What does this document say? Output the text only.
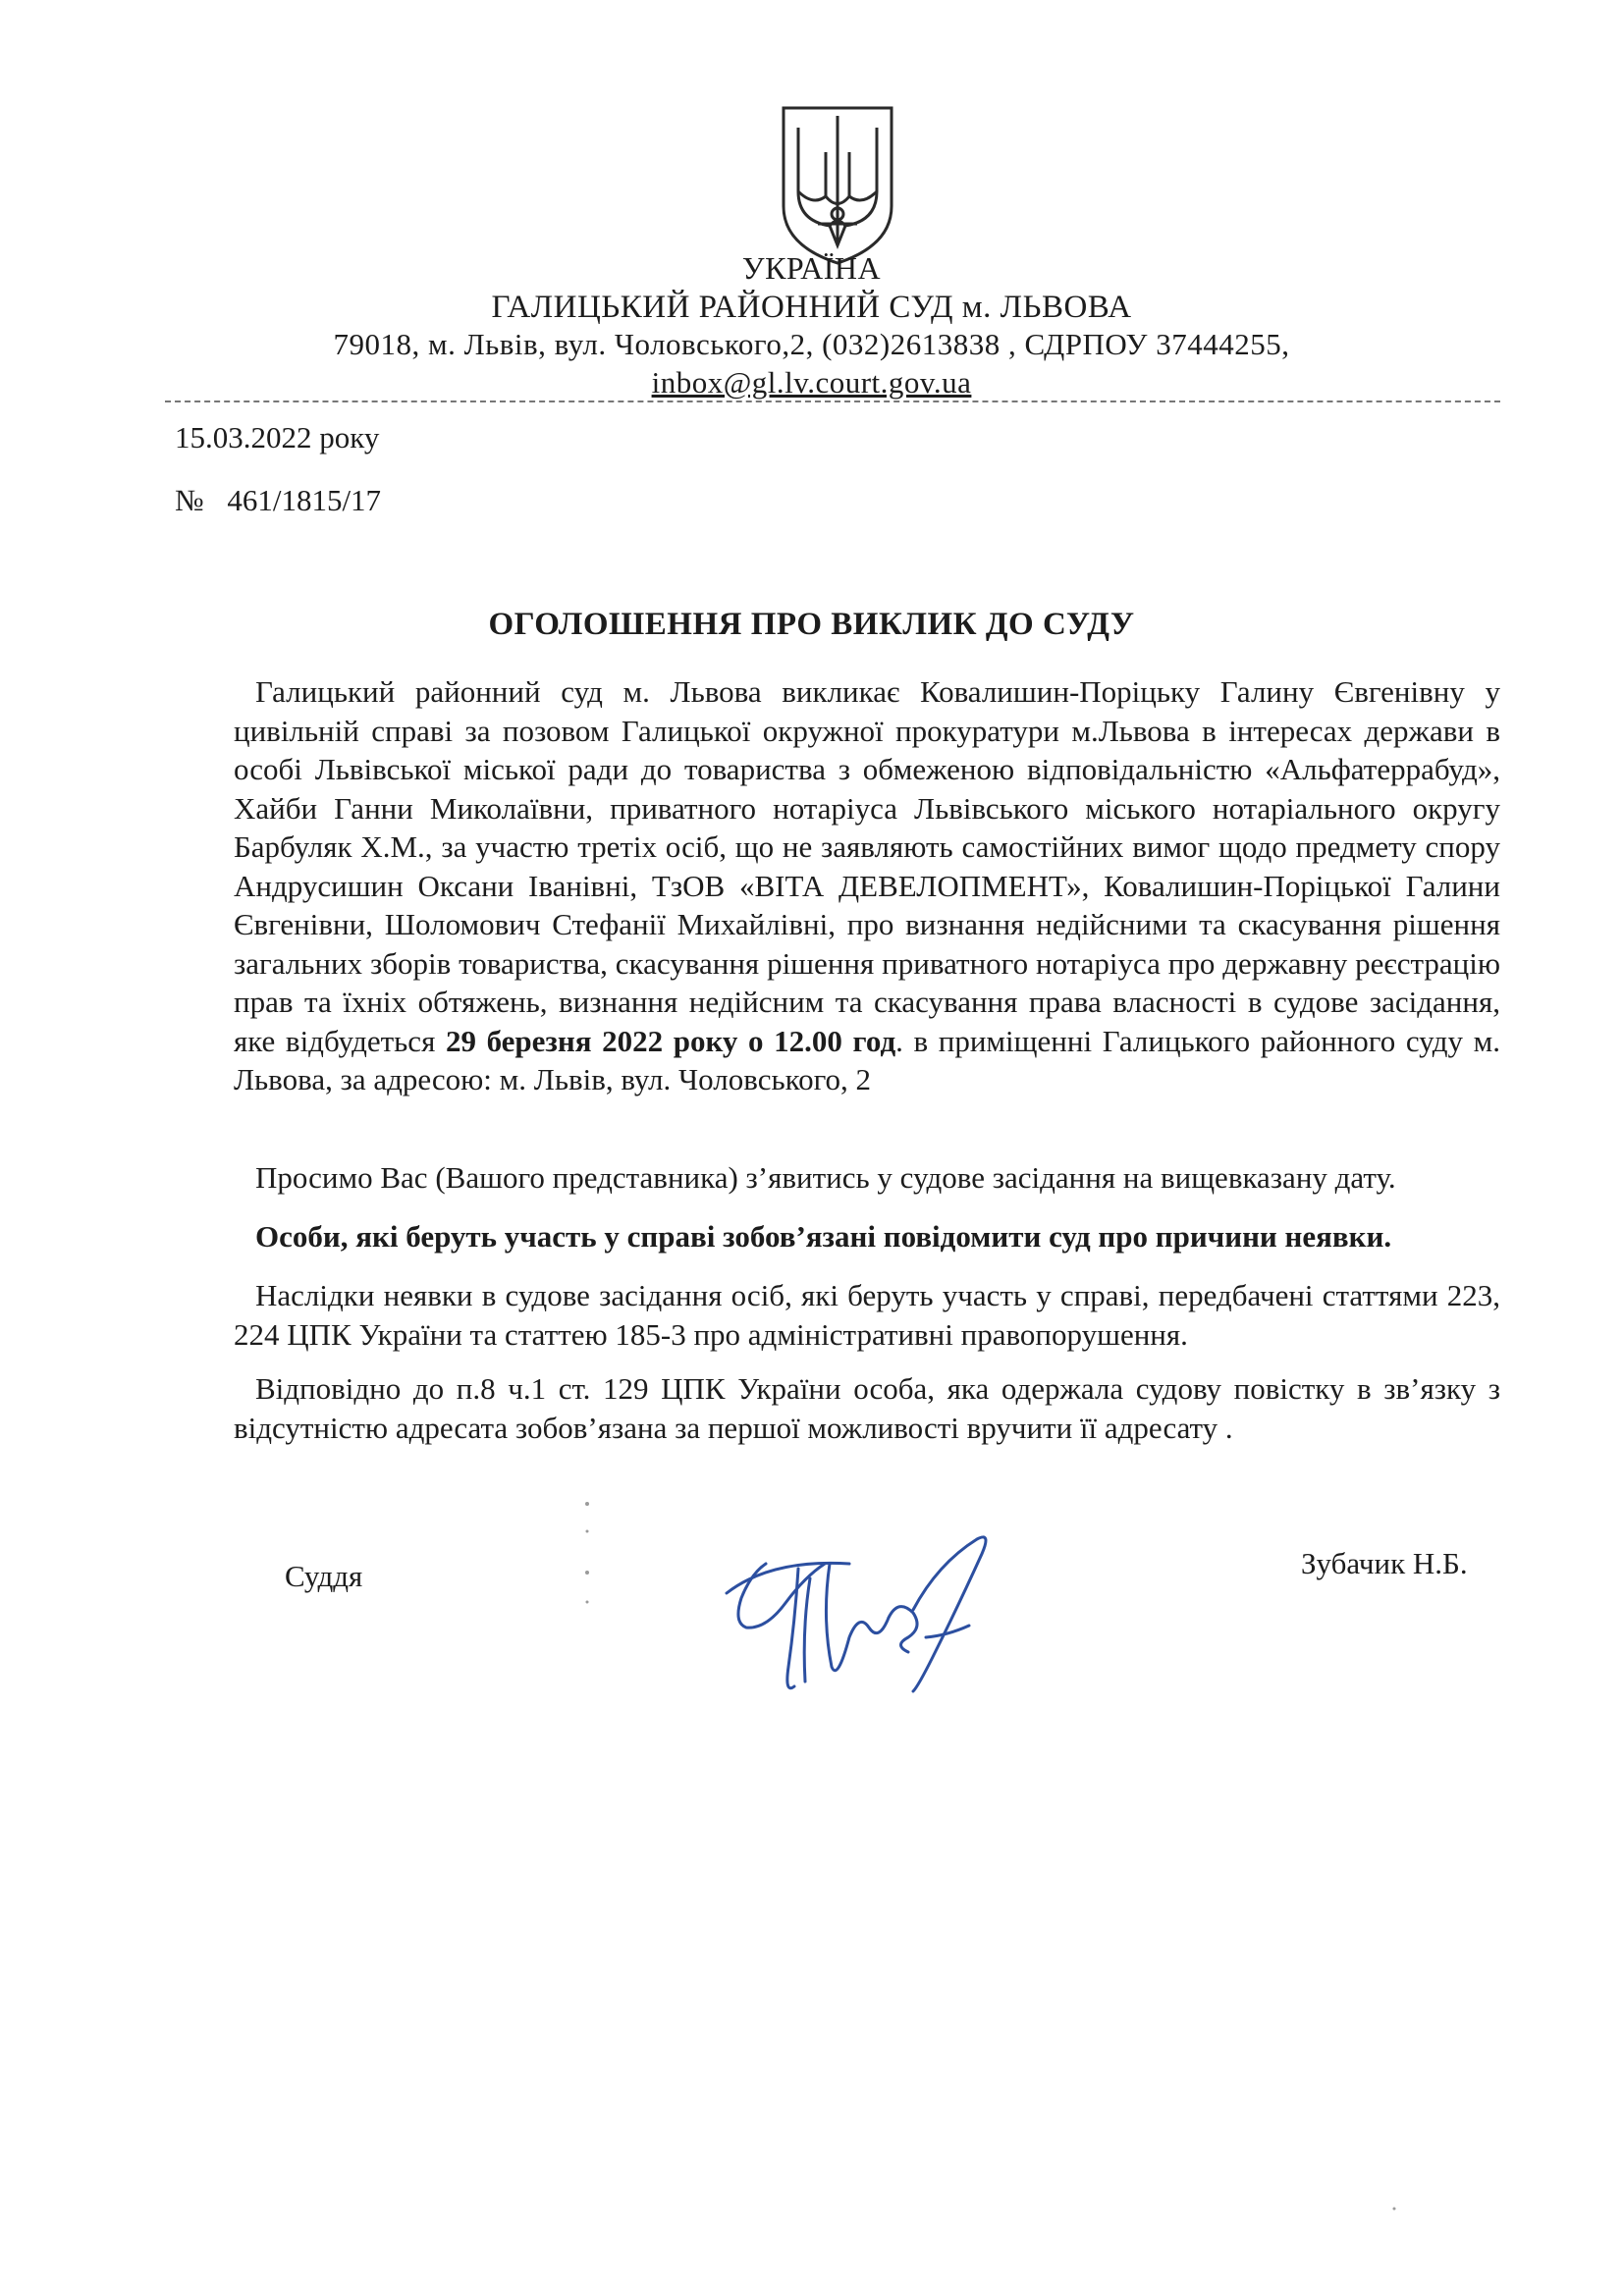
УКРАЇНА
ГАЛИЦЬКИЙ РАЙОННИЙ СУД м. ЛЬВОВА
79018, м. Львів, вул. Чоловського,2, (032)2613838 , СДРПОУ 37444255,
inbox@gl.lv.court.gov.ua
15.03.2022 року
№ 461/1815/17
ОГОЛОШЕННЯ ПРО ВИКЛИК ДО СУДУ
Галицький районний суд м. Львова викликає Ковалишин-Порiцьку Галину Євгенiвну у цивiльнiй справi за позовом Галицької окружної прокуратури м.Львова в iнтересах держави в особi Львiвської мiської ради до товариства з обмеженою вiдповiдальнiстю «Альфатеррабуд», Хайби Ганни Миколаївни, приватного нотарiуса Львiвського мiського нотарiального округу Барбуляк Х.М., за участю третiх осiб, що не заявляють самостiйних вимог щодо предмету спору Андрусишин Оксани Iванiвнi, ТзОВ «ВIТА ДЕВЕЛОПМЕНТ», Ковалишин-Порiцької Галини Євгенiвни, Шоломович Стефанiї Михайлiвнi, про визнання недiйсними та скасування рiшення загальних зборiв товариства, скасування рiшення приватного нотарiуса про державну реєстрацiю прав та їхнiх обтяжень, визнання недiйсним та скасування права власностi в судове засiдання, яке вiдбудеться 29 березня 2022 року о 12.00 год. в примiщеннi Галицького районного суду м. Львова, за адресою: м. Львiв, вул. Чоловського, 2
Просимо Вас (Вашого представника) з’явитись у судове засiдання на вищевказану дату.
Особи, якi беруть участь у справi зобов’язанi повiдомити суд про причини неявки.
Наслiдки неявки в судове засiдання осiб, якi беруть участь у справi, передбаченi статтями 223, 224 ЦПК України та статтею 185-3 про адмiнiстративнi правопорушення.
Вiдповiдно до п.8 ч.1 ст. 129 ЦПК України особа, яка одержала судову повiстку в зв’язку з вiдсутнiстю адресата зобов’язана за першої можливостi вручити її адресату .
Суддя	Зубачик Н.Б.
